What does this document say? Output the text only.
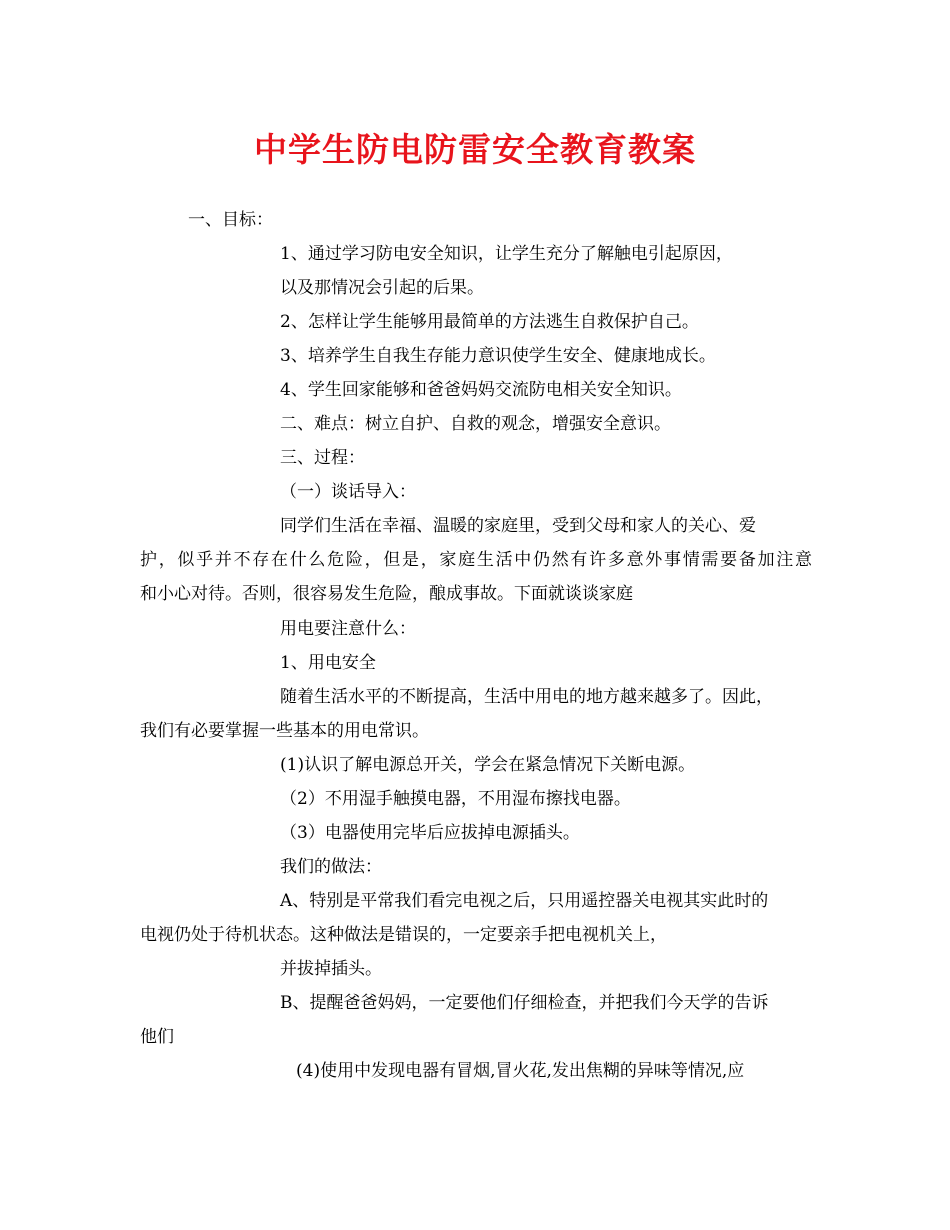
中学生防电防雷安全教育教案
一、目标：
1、通过学习防电安全知识，让学生充分了解触电引起原因，
以及那情况会引起的后果。
2、怎样让学生能够用最简单的方法逃生自救保护自己。
3、培养学生自我生存能力意识使学生安全、健康地成长。
4、学生回家能够和爸爸妈妈交流防电相关安全知识。
二、难点：树立自护、自救的观念，增强安全意识。
三、过程：
（一）谈话导入：
同学们生活在幸福、温暖的家庭里，受到父母和家人的关心、爱
护，似乎并不存在什么危险，但是，家庭生活中仍然有许多意外事情需要备加注意
和小心对待。否则，很容易发生危险，酿成事故。下面就谈谈家庭
用电要注意什么：
1、用电安全
随着生活水平的不断提高，生活中用电的地方越来越多了。因此，
我们有必要掌握一些基本的用电常识。
(1)认识了解电源总开关，学会在紧急情况下关断电源。
（2）不用湿手触摸电器，不用湿布擦找电器。
（3）电器使用完毕后应拔掉电源插头。
我们的做法：
A、特别是平常我们看完电视之后，只用遥控器关电视其实此时的
电视仍处于待机状态。这种做法是错误的，一定要亲手把电视机关上，
并拔掉插头。
B、提醒爸爸妈妈，一定要他们仔细检查，并把我们今天学的告诉
他们
(4)使用中发现电器有冒烟,冒火花,发出焦糊的异味等情况,应
